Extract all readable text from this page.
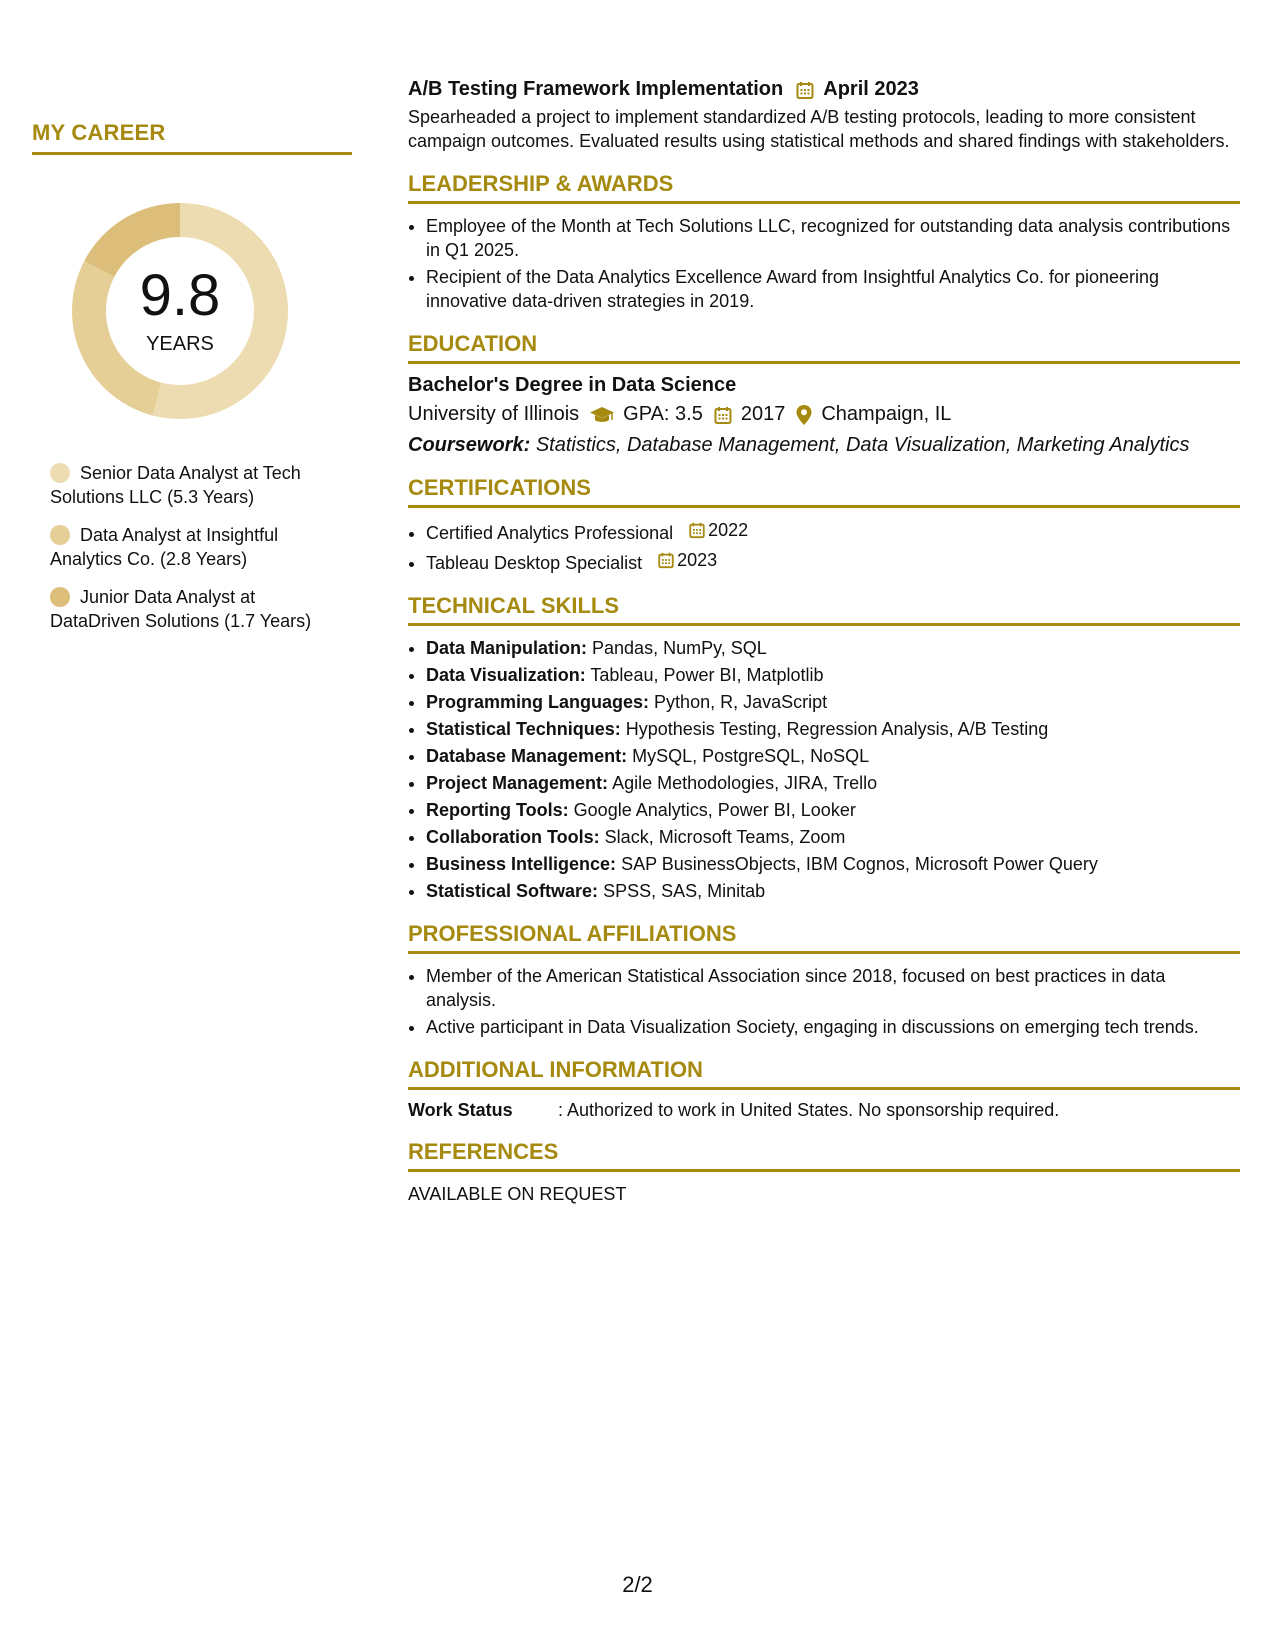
MY CAREER
9.8
YEARS
Senior Data Analyst at Tech Solutions LLC (5.3 Years)
Data Analyst at Insightful Analytics Co. (2.8 Years)
Junior Data Analyst at DataDriven Solutions (1.7 Years)
A/B Testing Framework Implementation April 2023
Spearheaded a project to implement standardized A/B testing protocols, leading to more consistent campaign outcomes. Evaluated results using statistical methods and shared findings with stakeholders.
LEADERSHIP & AWARDS
• Employee of the Month at Tech Solutions LLC, recognized for outstanding data analysis contributions in Q1 2025.
• Recipient of the Data Analytics Excellence Award from Insightful Analytics Co. for pioneering innovative data-driven strategies in 2019.
EDUCATION
Bachelor's Degree in Data Science
University of Illinois GPA: 3.5 2017 Champaign, IL
Coursework: Statistics, Database Management, Data Visualization, Marketing Analytics
CERTIFICATIONS
• Certified Analytics Professional 2022
• Tableau Desktop Specialist 2023
TECHNICAL SKILLS
• Data Manipulation: Pandas, NumPy, SQL
• Data Visualization: Tableau, Power BI, Matplotlib
• Programming Languages: Python, R, JavaScript
• Statistical Techniques: Hypothesis Testing, Regression Analysis, A/B Testing
• Database Management: MySQL, PostgreSQL, NoSQL
• Project Management: Agile Methodologies, JIRA, Trello
• Reporting Tools: Google Analytics, Power BI, Looker
• Collaboration Tools: Slack, Microsoft Teams, Zoom
• Business Intelligence: SAP BusinessObjects, IBM Cognos, Microsoft Power Query
• Statistical Software: SPSS, SAS, Minitab
PROFESSIONAL AFFILIATIONS
• Member of the American Statistical Association since 2018, focused on best practices in data analysis.
• Active participant in Data Visualization Society, engaging in discussions on emerging tech trends.
ADDITIONAL INFORMATION
Work Status	: Authorized to work in United States. No sponsorship required.
REFERENCES
AVAILABLE ON REQUEST
2/2
